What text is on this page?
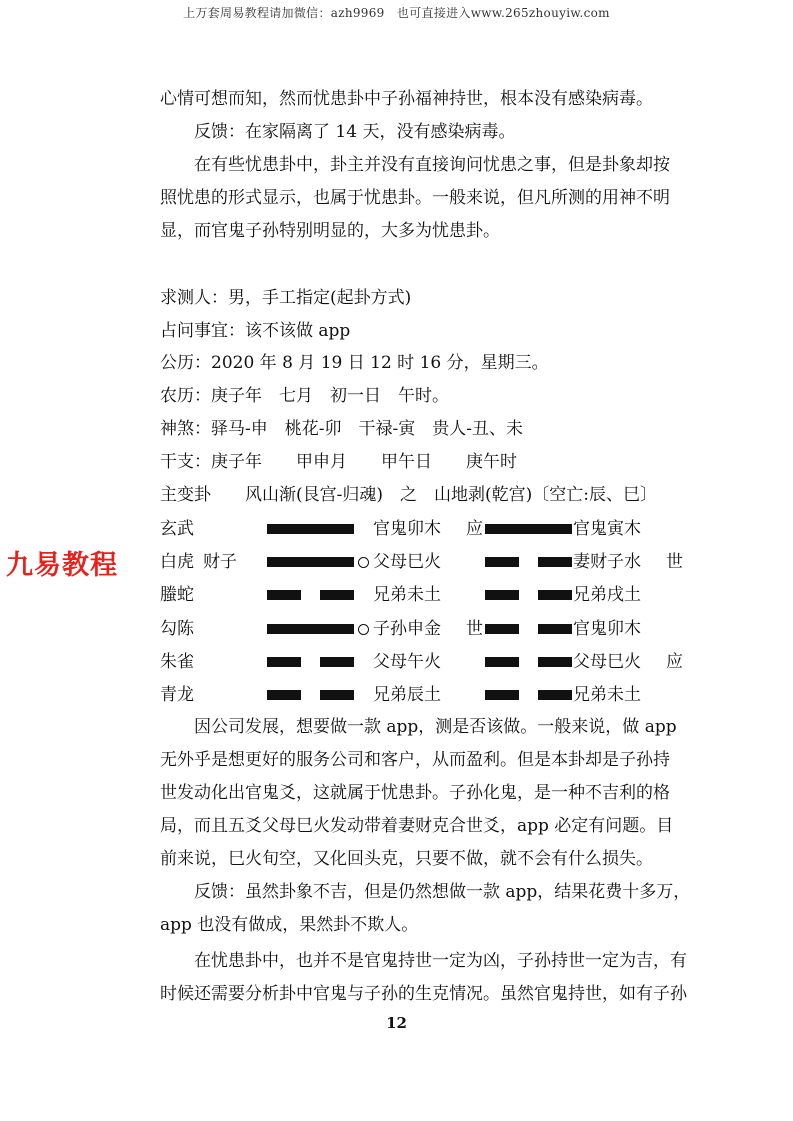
上万套周易教程请加微信：azh9969　也可直接进入www.265zhouyiw.com
心情可想而知，然而忧患卦中子孙福神持世，根本没有感染病毒。
反馈：在家隔离了 14 天，没有感染病毒。
在有些忧患卦中，卦主并没有直接询问忧患之事，但是卦象却按
照忧患的形式显示，也属于忧患卦。一般来说，但凡所测的用神不明
显，而官鬼子孙特别明显的，大多为忧患卦。
求测人：男，手工指定(起卦方式)
占问事宜：该不该做 app
公历：2020 年 8 月 19 日 12 时 16 分，星期三。
农历：庚子年　七月　初一日　午时。
神煞：驿马-申　桃花-卯　干禄-寅　贵人-丑、未
干支：庚子年　　甲申月　　甲午日　　庚午时
主变卦　　风山渐(艮宫-归魂)　之　山地剥(乾宫)〔空亡:辰、巳〕
九易教程
玄武	官鬼卯木 应	官鬼寅木
白虎 财子	父母巳火	妻财子水 世
螣蛇	兄弟未土	兄弟戌土
勾陈	子孙申金 世	官鬼卯木
朱雀	父母午火	父母巳火 应
青龙	兄弟辰土	兄弟未土
因公司发展，想要做一款 app，测是否该做。一般来说，做 app
无外乎是想更好的服务公司和客户，从而盈利。但是本卦却是子孙持
世发动化出官鬼爻，这就属于忧患卦。子孙化鬼，是一种不吉利的格
局，而且五爻父母巳火发动带着妻财克合世爻，app 必定有问题。目
前来说，巳火旬空，又化回头克，只要不做，就不会有什么损失。
反馈：虽然卦象不吉，但是仍然想做一款 app，结果花费十多万，
app 也没有做成，果然卦不欺人。
在忧患卦中，也并不是官鬼持世一定为凶，子孙持世一定为吉，有
时候还需要分析卦中官鬼与子孙的生克情况。虽然官鬼持世，如有子孙
12
